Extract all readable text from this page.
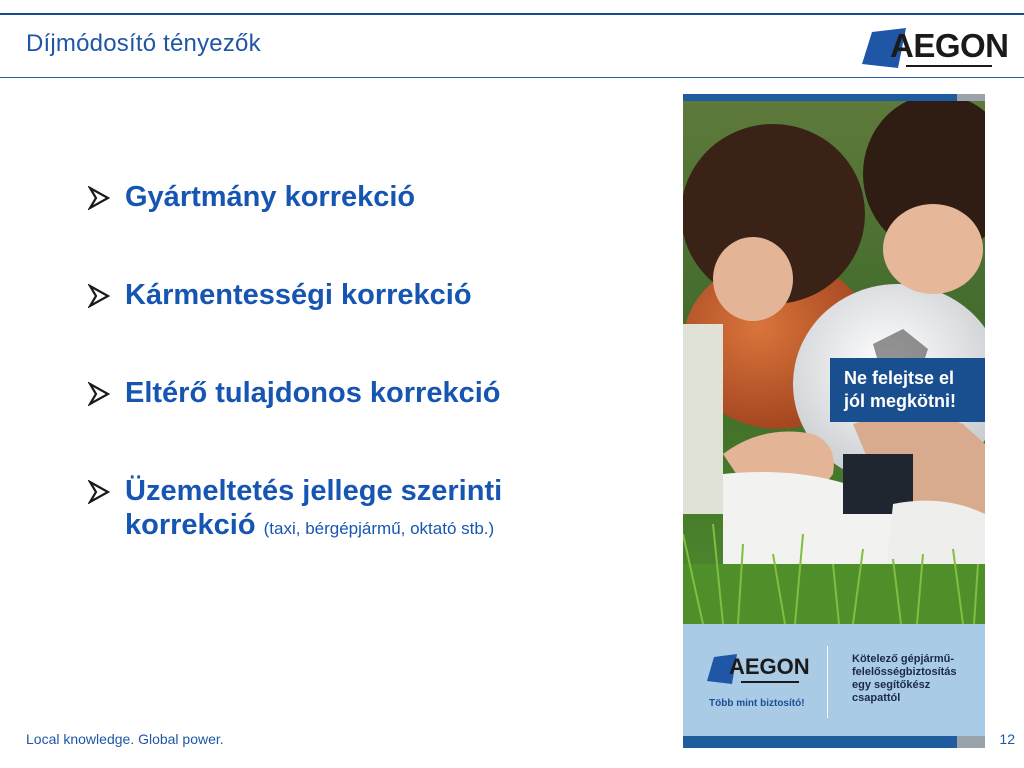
Díjmódosító tényezők	AEGON
Gyártmány korrekció
Kármentességi korrekció
Eltérő tulajdonos korrekció
Üzemeltetés jellege szerinti korrekció (taxi, bérgépjármű, oktató stb.)
Ne felejtse el
jól megkötni!
AEGON
Több mint biztosító!
Kötelező gépjármű-
felelősségbiztosítás
egy segítőkész
csapattól
Local knowledge. Global power.	12
